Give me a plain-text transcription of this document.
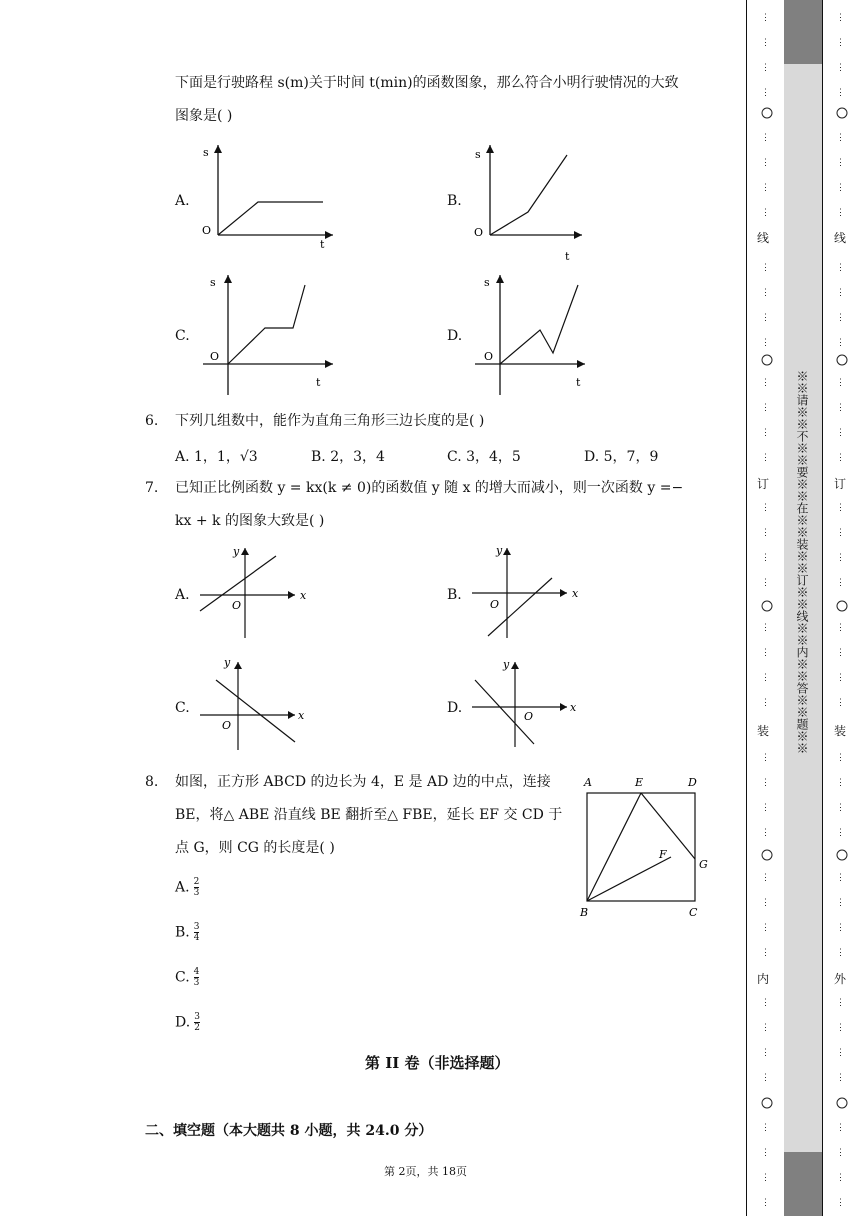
下面是行驶路程 s(m)关于时间 t(min)的函数图象，那么符合小明行驶情况的大致
图象是( )
A.	B.
C.	D.
s
O
t
s
O
t
s
O
t
s
O
t
6. 下列几组数中，能作为直角三角形三边长度的是( )
A. 1，1，√3	B. 2，3，4	C. 3，4，5	D. 5，7，9
7. 已知正比例函数 y = kx(k ≠ 0)的函数值 y 随 x 的增大而减小，则一次函数 y =−
kx + k 的图象大致是( )
A.	B.
C.	D.
x
y
O
x
y
O
x
y
O
x
y
O
8. 如图，正方形 ABCD 的边长为 4，E 是 AD 边的中点，连接
BE，将△ ABE 沿直线 BE 翻折至△ FBE，延长 EF 交 CD 于
点 G，则 CG 的长度是( )
A	E	D
F
G
B	C
A. $\frac{2}{3}$
B. $\frac{3}{4}$
C. $\frac{4}{3}$
D. $\frac{3}{2}$
第 II 卷（非选择题）
二、填空题（本大题共 8 小题，共 24.0 分）
第 2页，共 18页
⋮
⋮
⋮
⋮
⋮
⋮
⋮
⋮
⋮
⋮
⋮
⋮
⋮
⋮
⋮
⋮
⋮
⋮
⋮
⋮
⋮
⋮
⋮
⋮
⋮
⋮
⋮
⋮
⋮
⋮
⋮
⋮
⋮
⋮
⋮
⋮
⋮
⋮
⋮
⋮
线
订
装
内
※※请※※不※※要※※在※※装※※订※※线※※内※※答※※题※※
⋮
⋮
⋮
⋮
⋮
⋮
⋮
⋮
⋮
⋮
⋮
⋮
⋮
⋮
⋮
⋮
⋮
⋮
⋮
⋮
⋮
⋮
⋮
⋮
⋮
⋮
⋮
⋮
⋮
⋮
⋮
⋮
⋮
⋮
⋮
⋮
⋮
⋮
⋮
⋮
线
订
装
外
